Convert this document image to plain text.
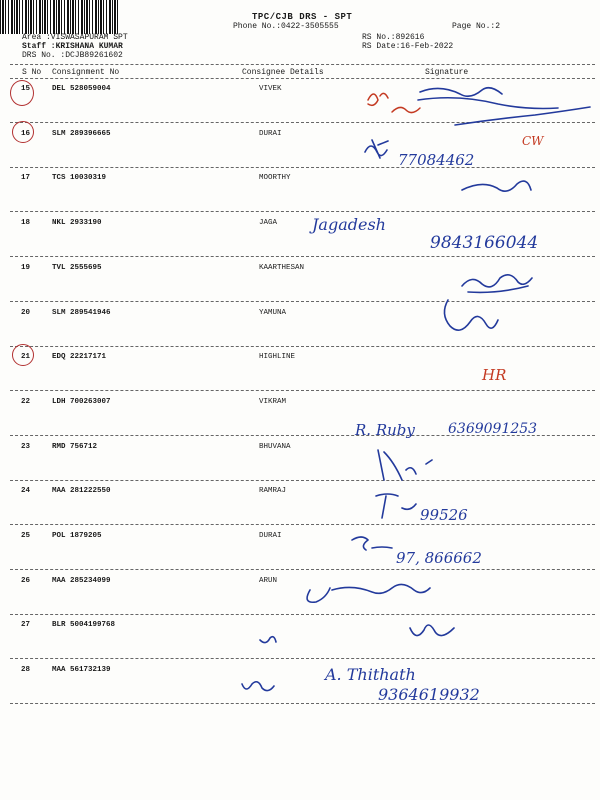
TPC/CJB DRS - SPT
Phone No.:0422-3505555	Page No.:2
Area :VISWASAPURAM SPT
Staff :KRISHANA KUMAR
DRS No. :DCJB89261602
RS No.:892616
RS Date:16-Feb-2022
S No Consignment No	Consignee Details	Signature
15	DEL 528059004	VIVEK
16	SLM 289396665	DURAI
17	TCS 10030319	MOORTHY
18	NKL 2933190	JAGA
19	TVL 2555695	KAARTHESAN
20	SLM 289541946	YAMUNA
21	EDQ 22217171	HIGHLINE
22	LDH 700263007	VIKRAM
23	RMD 756712	BHUVANA
24	MAA 281222550	RAMRAJ
25	POL 1879205	DURAI
26	MAA 285234099	ARUN
27	BLR 5004199768
28	MAA 561732139
77084462
CW
Jagadesh
9843166044
HR
R. Ruby 6369091253
99526
97, 866662
A. Thithath
9364619932
